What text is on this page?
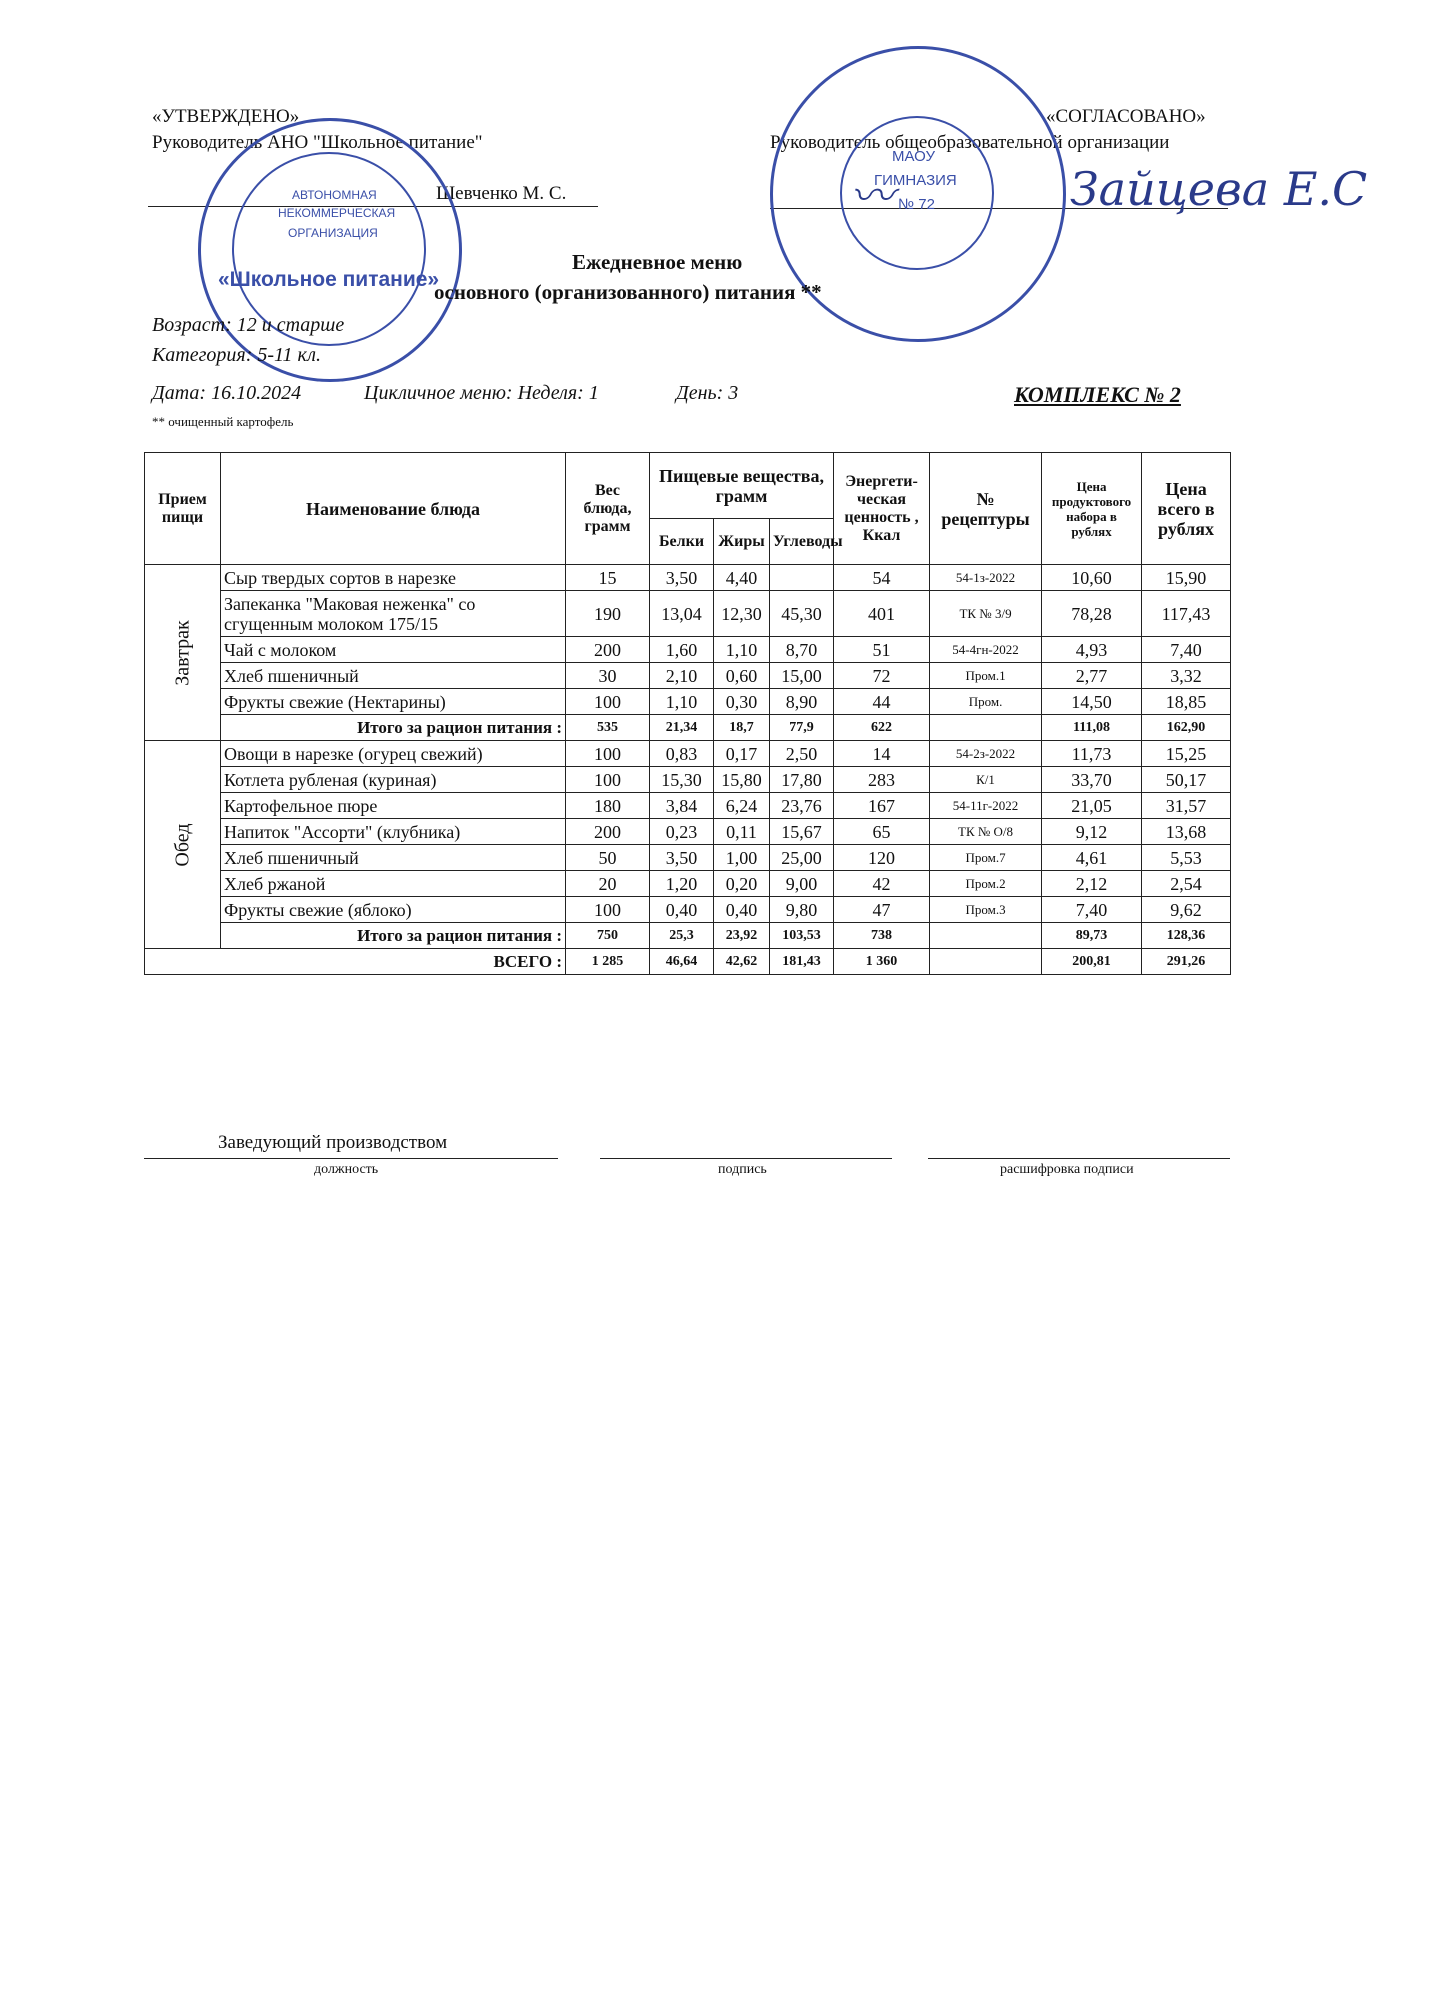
«УТВЕРЖДЕНО»
Руководитель АНО "Школьное питание"
Шевченко М. С.
АВТОНОМНАЯ
НЕКОММЕРЧЕСКАЯ
ОРГАНИЗАЦИЯ
«Школьное питание»
«СОГЛАСОВАНО»
Руководитель общеобразовательной организации
Зайцева Е.С
МАОУ
ГИМНАЗИЯ
№ 72
〰
Ежедневное меню
основного (организованного) питания **
Возраст: 12 и старше
Категория: 5-11 кл.
Дата: 16.10.2024	Цикличное меню: Неделя: 1	День: 3	КОМПЛЕКС № 2
** очищенный картофель
Прием пищи	Наименование блюда	Вес блюда, грамм	Пищевые вещества, грамм			Энергети- ческая ценность , Ккал	№ рецептуры	Цена продуктового набора в рублях	Цена всего в рублях
			Белки	Жиры	Углеводы				
Завтрак	Сыр твердых сортов в нарезке	15	3,50	4,40		54	54-1з-2022	10,60	15,90
	Запеканка "Маковая неженка" со сгущенным молоком 175/15	190	13,04	12,30	45,30	401	ТК № 3/9	78,28	117,43
	Чай с молоком	200	1,60	1,10	8,70	51	54-4гн-2022	4,93	7,40
	Хлеб пшеничный	30	2,10	0,60	15,00	72	Пром.1	2,77	3,32
	Фрукты свежие (Нектарины)	100	1,10	0,30	8,90	44	Пром.	14,50	18,85
	Итого за рацион питания :	535	21,34	18,7	77,9	622		111,08	162,90
Обед	Овощи в нарезке (огурец свежий)	100	0,83	0,17	2,50	14	54-2з-2022	11,73	15,25
	Котлета рубленая (куриная)	100	15,30	15,80	17,80	283	К/1	33,70	50,17
	Картофельное пюре	180	3,84	6,24	23,76	167	54-11г-2022	21,05	31,57
	Напиток "Ассорти" (клубника)	200	0,23	0,11	15,67	65	ТК № О/8	9,12	13,68
	Хлеб пшеничный	50	3,50	1,00	25,00	120	Пром.7	4,61	5,53
	Хлеб ржаной	20	1,20	0,20	9,00	42	Пром.2	2,12	2,54
	Фрукты свежие (яблоко)	100	0,40	0,40	9,80	47	Пром.3	7,40	9,62
	Итого за рацион питания :	750	25,3	23,92	103,53	738		89,73	128,36
ВСЕГО :		1 285	46,64	42,62	181,43	1 360		200,81	291,26
Заведующий производством
должность	подпись	расшифровка подписи
